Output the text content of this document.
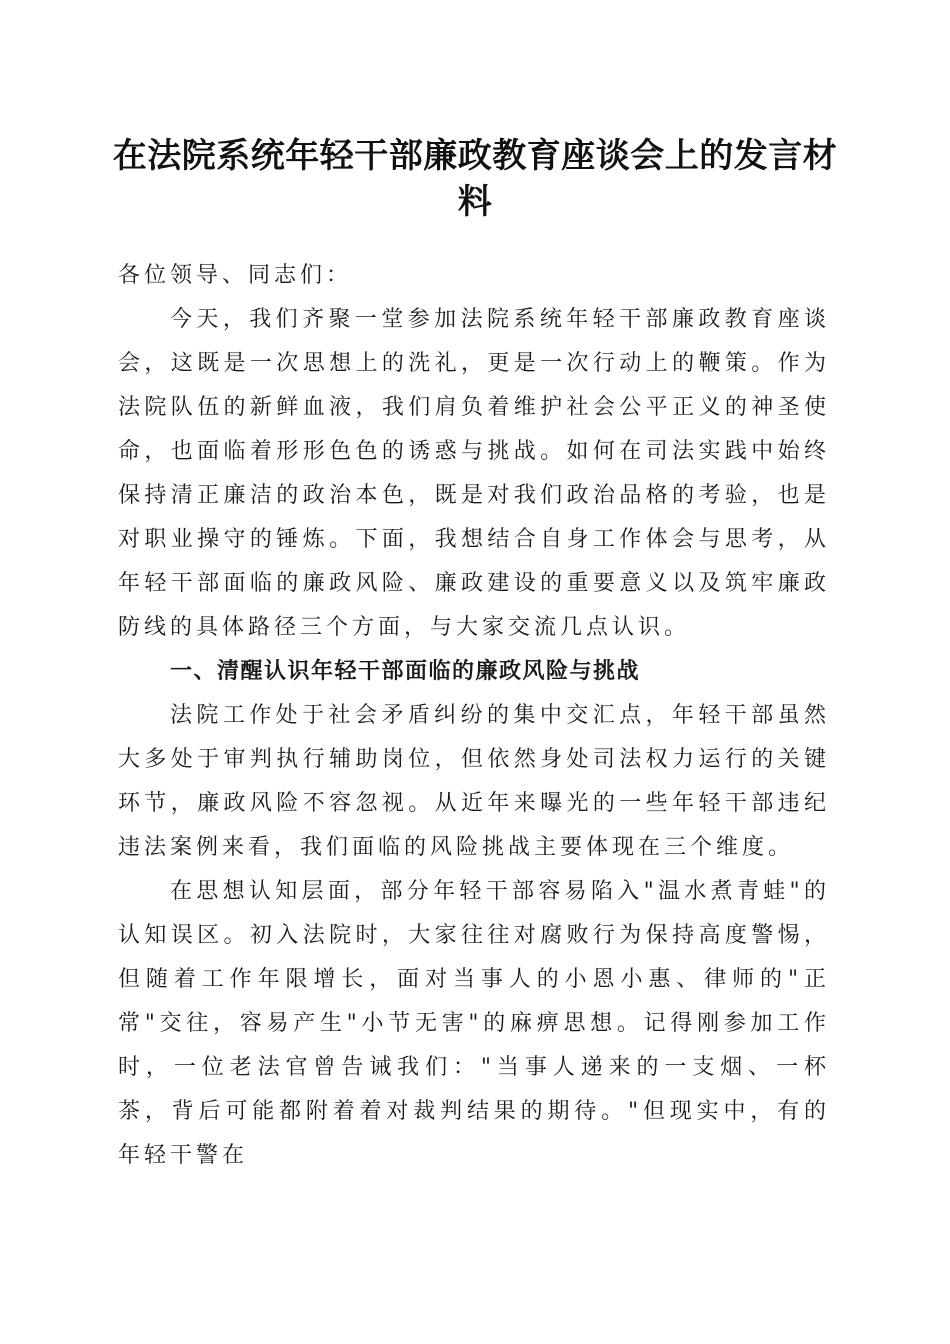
在法院系统年轻干部廉政教育座谈会上的发言材料

各位领导、同志们：

今天，我们齐聚一堂参加法院系统年轻干部廉政教育座谈会，这既是一次思想上的洗礼，更是一次行动上的鞭策。作为法院队伍的新鲜血液，我们肩负着维护社会公平正义的神圣使命，也面临着形形色色的诱惑与挑战。如何在司法实践中始终保持清正廉洁的政治本色，既是对我们政治品格的考验，也是对职业操守的锤炼。下面，我想结合自身工作体会与思考，从年轻干部面临的廉政风险、廉政建设的重要意义以及筑牢廉政防线的具体路径三个方面，与大家交流几点认识。

一、清醒认识年轻干部面临的廉政风险与挑战

法院工作处于社会矛盾纠纷的集中交汇点，年轻干部虽然大多处于审判执行辅助岗位，但依然身处司法权力运行的关键环节，廉政风险不容忽视。从近年来曝光的一些年轻干部违纪违法案例来看，我们面临的风险挑战主要体现在三个维度。

在思想认知层面，部分年轻干部容易陷入"温水煮青蛙"的认知误区。初入法院时，大家往往对腐败行为保持高度警惕，但随着工作年限增长，面对当事人的小恩小惠、律师的"正常"交往，容易产生"小节无害"的麻痹思想。记得刚参加工作时，一位老法官曾告诫我们："当事人递来的一支烟、一杯茶，背后可能都附着着对裁判结果的期待。"但现实中，有的年轻干警在
